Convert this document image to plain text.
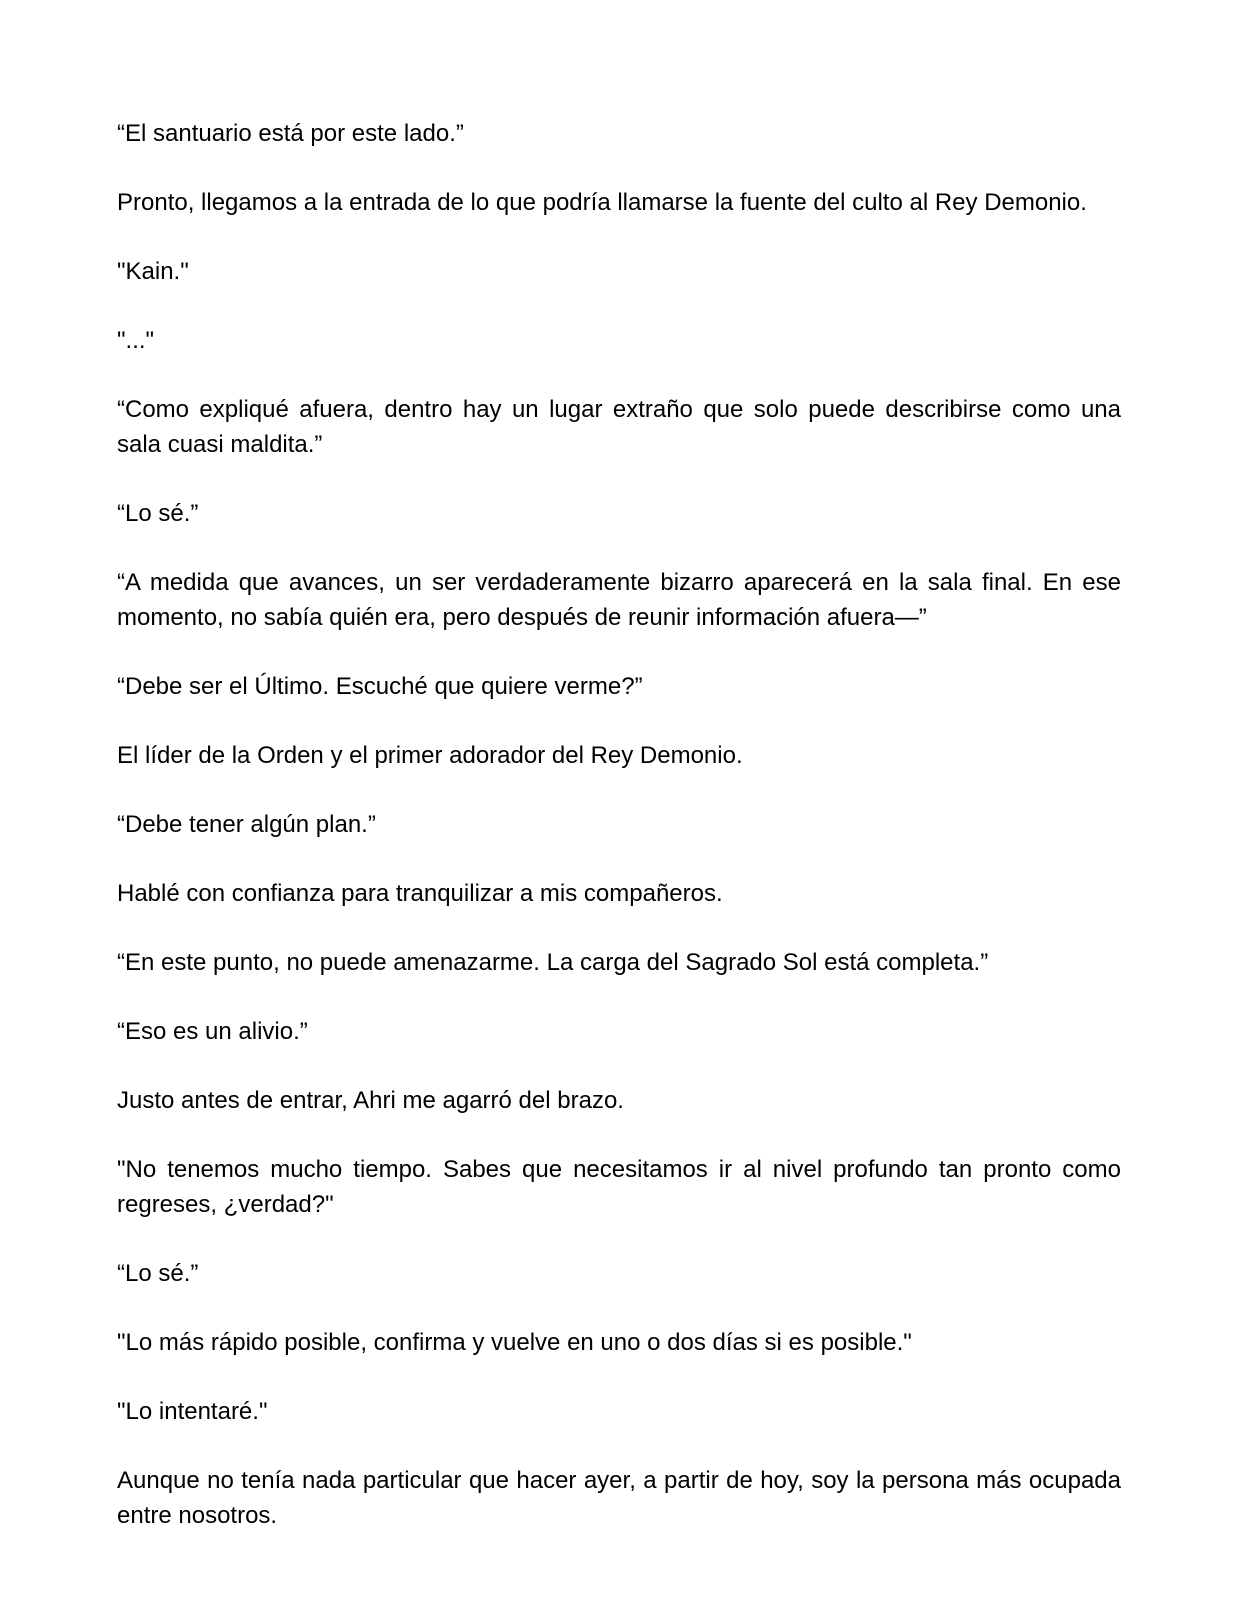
“El santuario está por este lado.”

Pronto, llegamos a la entrada de lo que podría llamarse la fuente del culto al Rey Demonio.

"Kain."

"..."

“Como expliqué afuera, dentro hay un lugar extraño que solo puede describirse como una sala cuasi maldita.”

“Lo sé.”

“A medida que avances, un ser verdaderamente bizarro aparecerá en la sala final. En ese momento, no sabía quién era, pero después de reunir información afuera—”

“Debe ser el Último. Escuché que quiere verme?”

El líder de la Orden y el primer adorador del Rey Demonio.

“Debe tener algún plan.”

Hablé con confianza para tranquilizar a mis compañeros.

“En este punto, no puede amenazarme. La carga del Sagrado Sol está completa.”

“Eso es un alivio.”

Justo antes de entrar, Ahri me agarró del brazo.

"No tenemos mucho tiempo. Sabes que necesitamos ir al nivel profundo tan pronto como regreses, ¿verdad?"

“Lo sé.”

"Lo más rápido posible, confirma y vuelve en uno o dos días si es posible."

"Lo intentaré."

Aunque no tenía nada particular que hacer ayer, a partir de hoy, soy la persona más ocupada entre nosotros.
